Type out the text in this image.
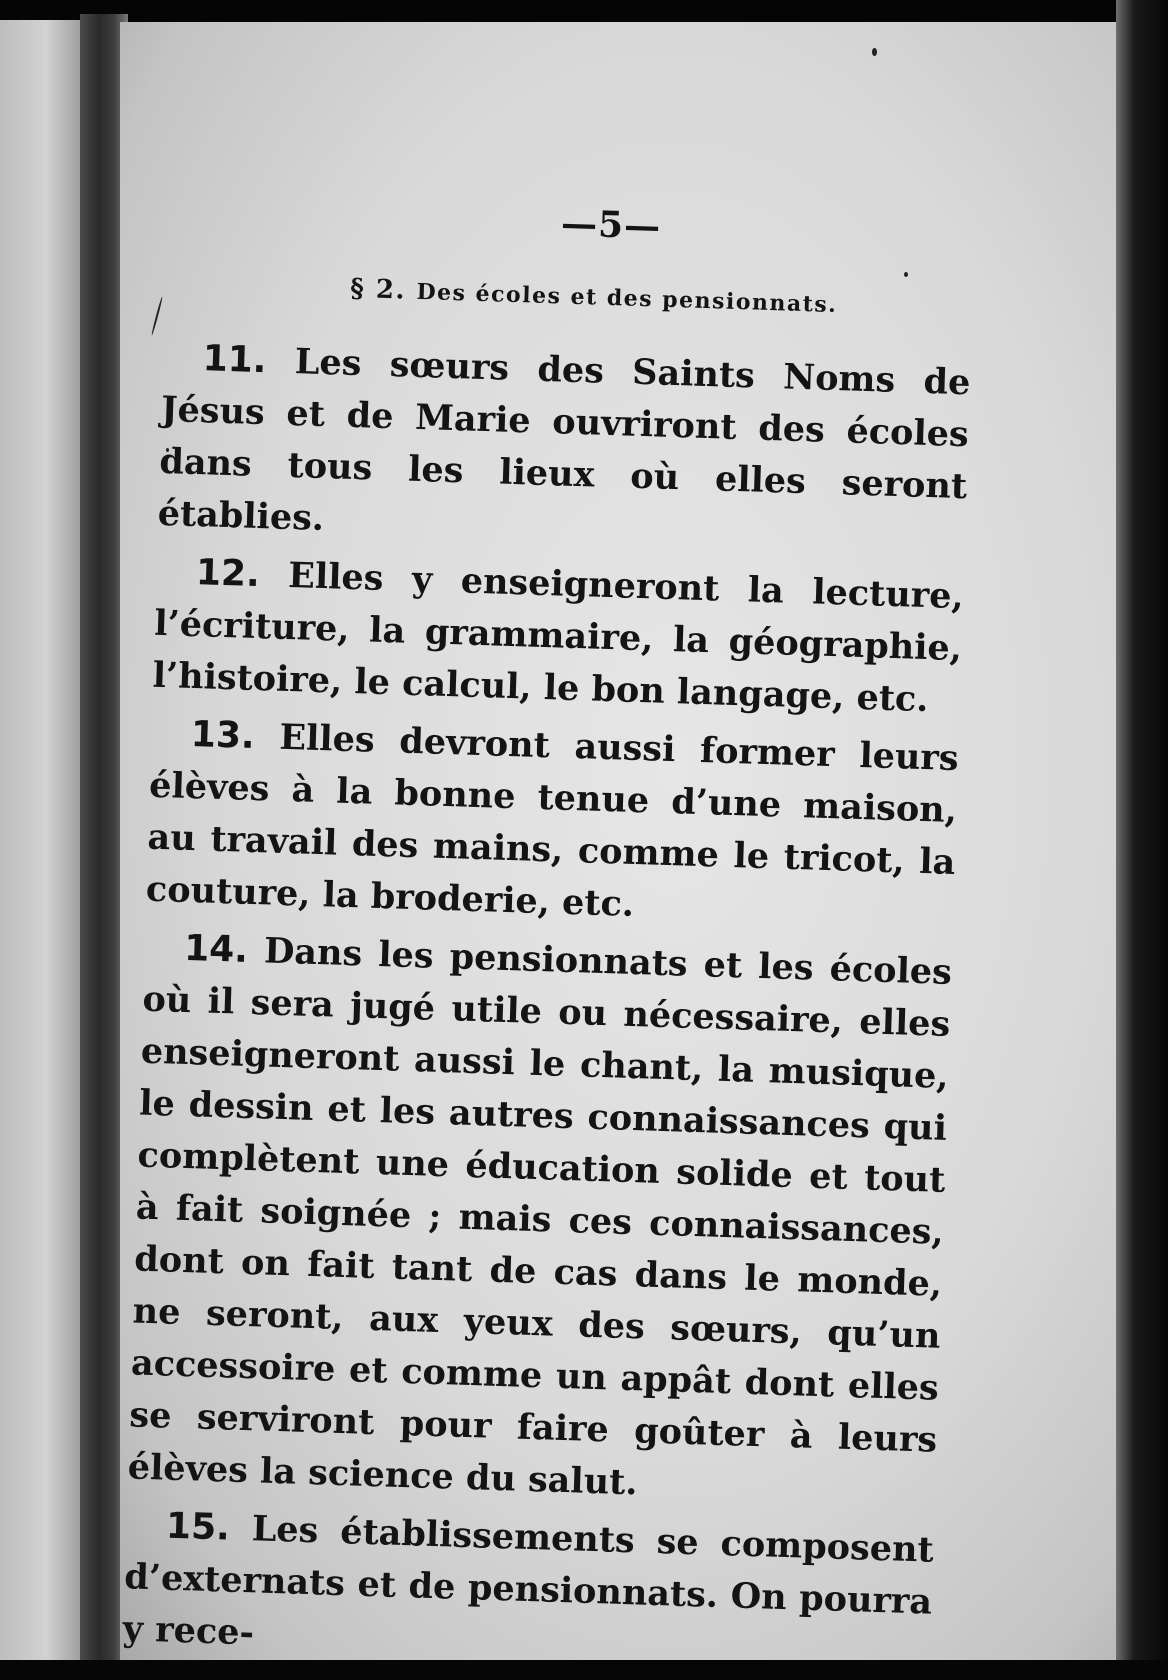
—5—
§ 2. Des écoles et des pensionnats.

11. Les sœurs des Saints Noms de Jésus et de Marie ouvriront des écoles dans tous les lieux où elles seront établies.

12. Elles y enseigneront la lecture, l’écriture, la grammaire, la géographie, l’histoire, le calcul, le bon langage, etc.

13. Elles devront aussi former leurs élèves à la bonne tenue d’une maison, au travail des mains, comme le tricot, la couture, la broderie, etc.

14. Dans les pensionnats et les écoles où il sera jugé utile ou nécessaire, elles enseigneront aussi le chant, la musique, le dessin et les autres connaissances qui complètent une éducation solide et tout à fait soignée ; mais ces connaissances, dont on fait tant de cas dans le monde, ne seront, aux yeux des sœurs, qu’un accessoire et comme un appât dont elles se serviront pour faire goûter à leurs élèves la science du salut.

15. Les établissements se composent d’externats et de pensionnats. On pourra y rece-
